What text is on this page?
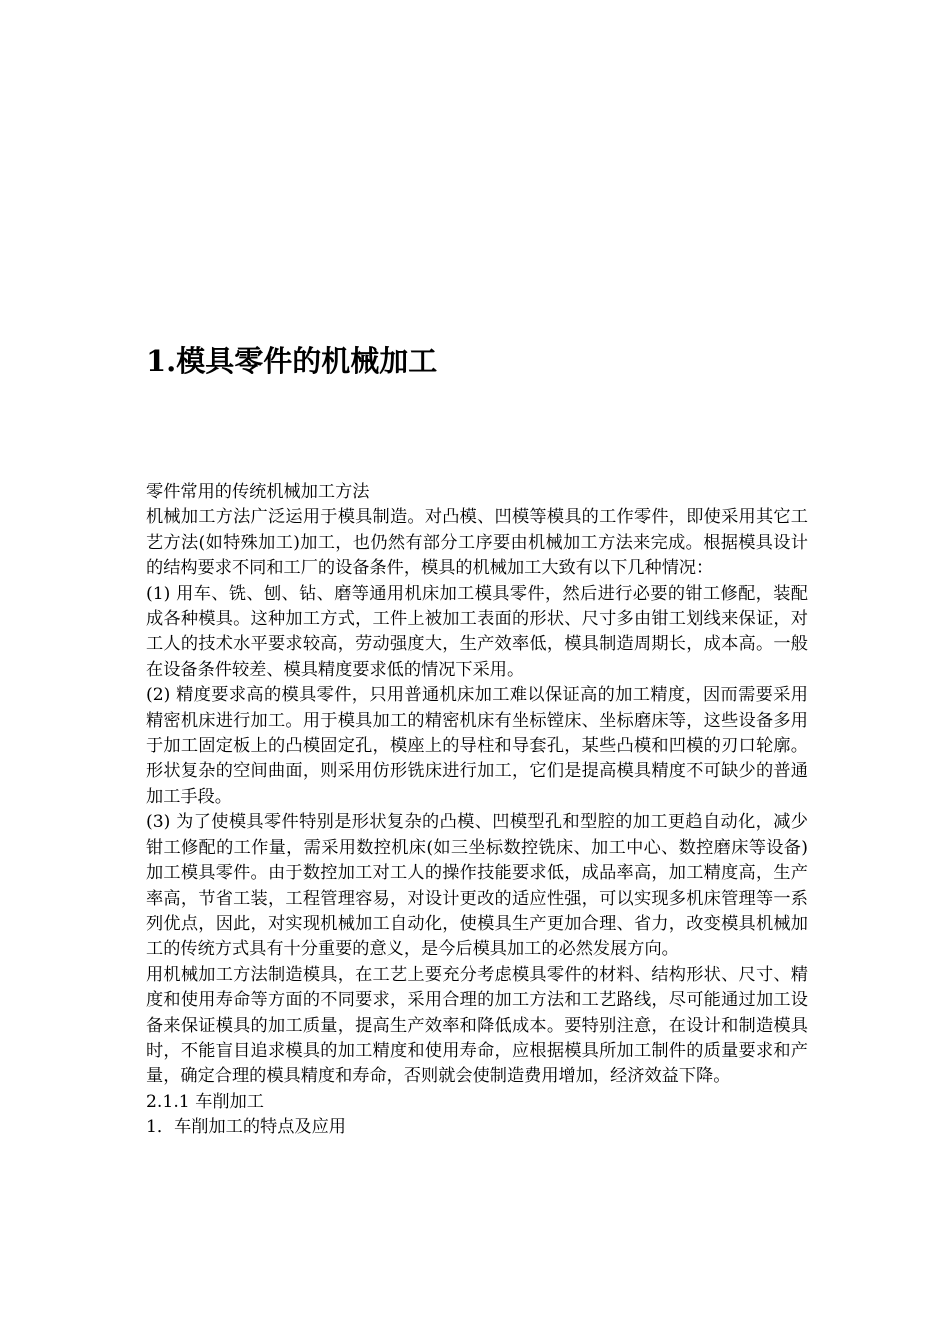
1.模具零件的机械加工

零件常用的传统机械加工方法

机械加工方法广泛运用于模具制造。对凸模、凹模等模具的工作零件，即使采用其它工艺方法(如特殊加工)加工，也仍然有部分工序要由机械加工方法来完成。根据模具设计的结构要求不同和工厂的设备条件，模具的机械加工大致有以下几种情况：

(1) 用车、铣、刨、钻、磨等通用机床加工模具零件，然后进行必要的钳工修配，装配成各种模具。这种加工方式，工件上被加工表面的形状、尺寸多由钳工划线来保证，对工人的技术水平要求较高，劳动强度大，生产效率低，模具制造周期长，成本高。一般在设备条件较差、模具精度要求低的情况下采用。

(2) 精度要求高的模具零件，只用普通机床加工难以保证高的加工精度，因而需要采用精密机床进行加工。用于模具加工的精密机床有坐标镗床、坐标磨床等，这些设备多用于加工固定板上的凸模固定孔，模座上的导柱和导套孔，某些凸模和凹模的刃口轮廓。形状复杂的空间曲面，则采用仿形铣床进行加工，它们是提高模具精度不可缺少的普通加工手段。

(3) 为了使模具零件特别是形状复杂的凸模、凹模型孔和型腔的加工更趋自动化，减少钳工修配的工作量，需采用数控机床(如三坐标数控铣床、加工中心、数控磨床等设备)加工模具零件。由于数控加工对工人的操作技能要求低，成品率高，加工精度高，生产率高，节省工装，工程管理容易，对设计更改的适应性强，可以实现多机床管理等一系列优点，因此，对实现机械加工自动化，使模具生产更加合理、省力，改变模具机械加工的传统方式具有十分重要的意义，是今后模具加工的必然发展方向。

用机械加工方法制造模具，在工艺上要充分考虑模具零件的材料、结构形状、尺寸、精度和使用寿命等方面的不同要求，采用合理的加工方法和工艺路线，尽可能通过加工设备来保证模具的加工质量，提高生产效率和降低成本。要特别注意，在设计和制造模具时，不能盲目追求模具的加工精度和使用寿命，应根据模具所加工制件的质量要求和产量，确定合理的模具精度和寿命，否则就会使制造费用增加，经济效益下降。

2.1.1 车削加工

1．车削加工的特点及应用
